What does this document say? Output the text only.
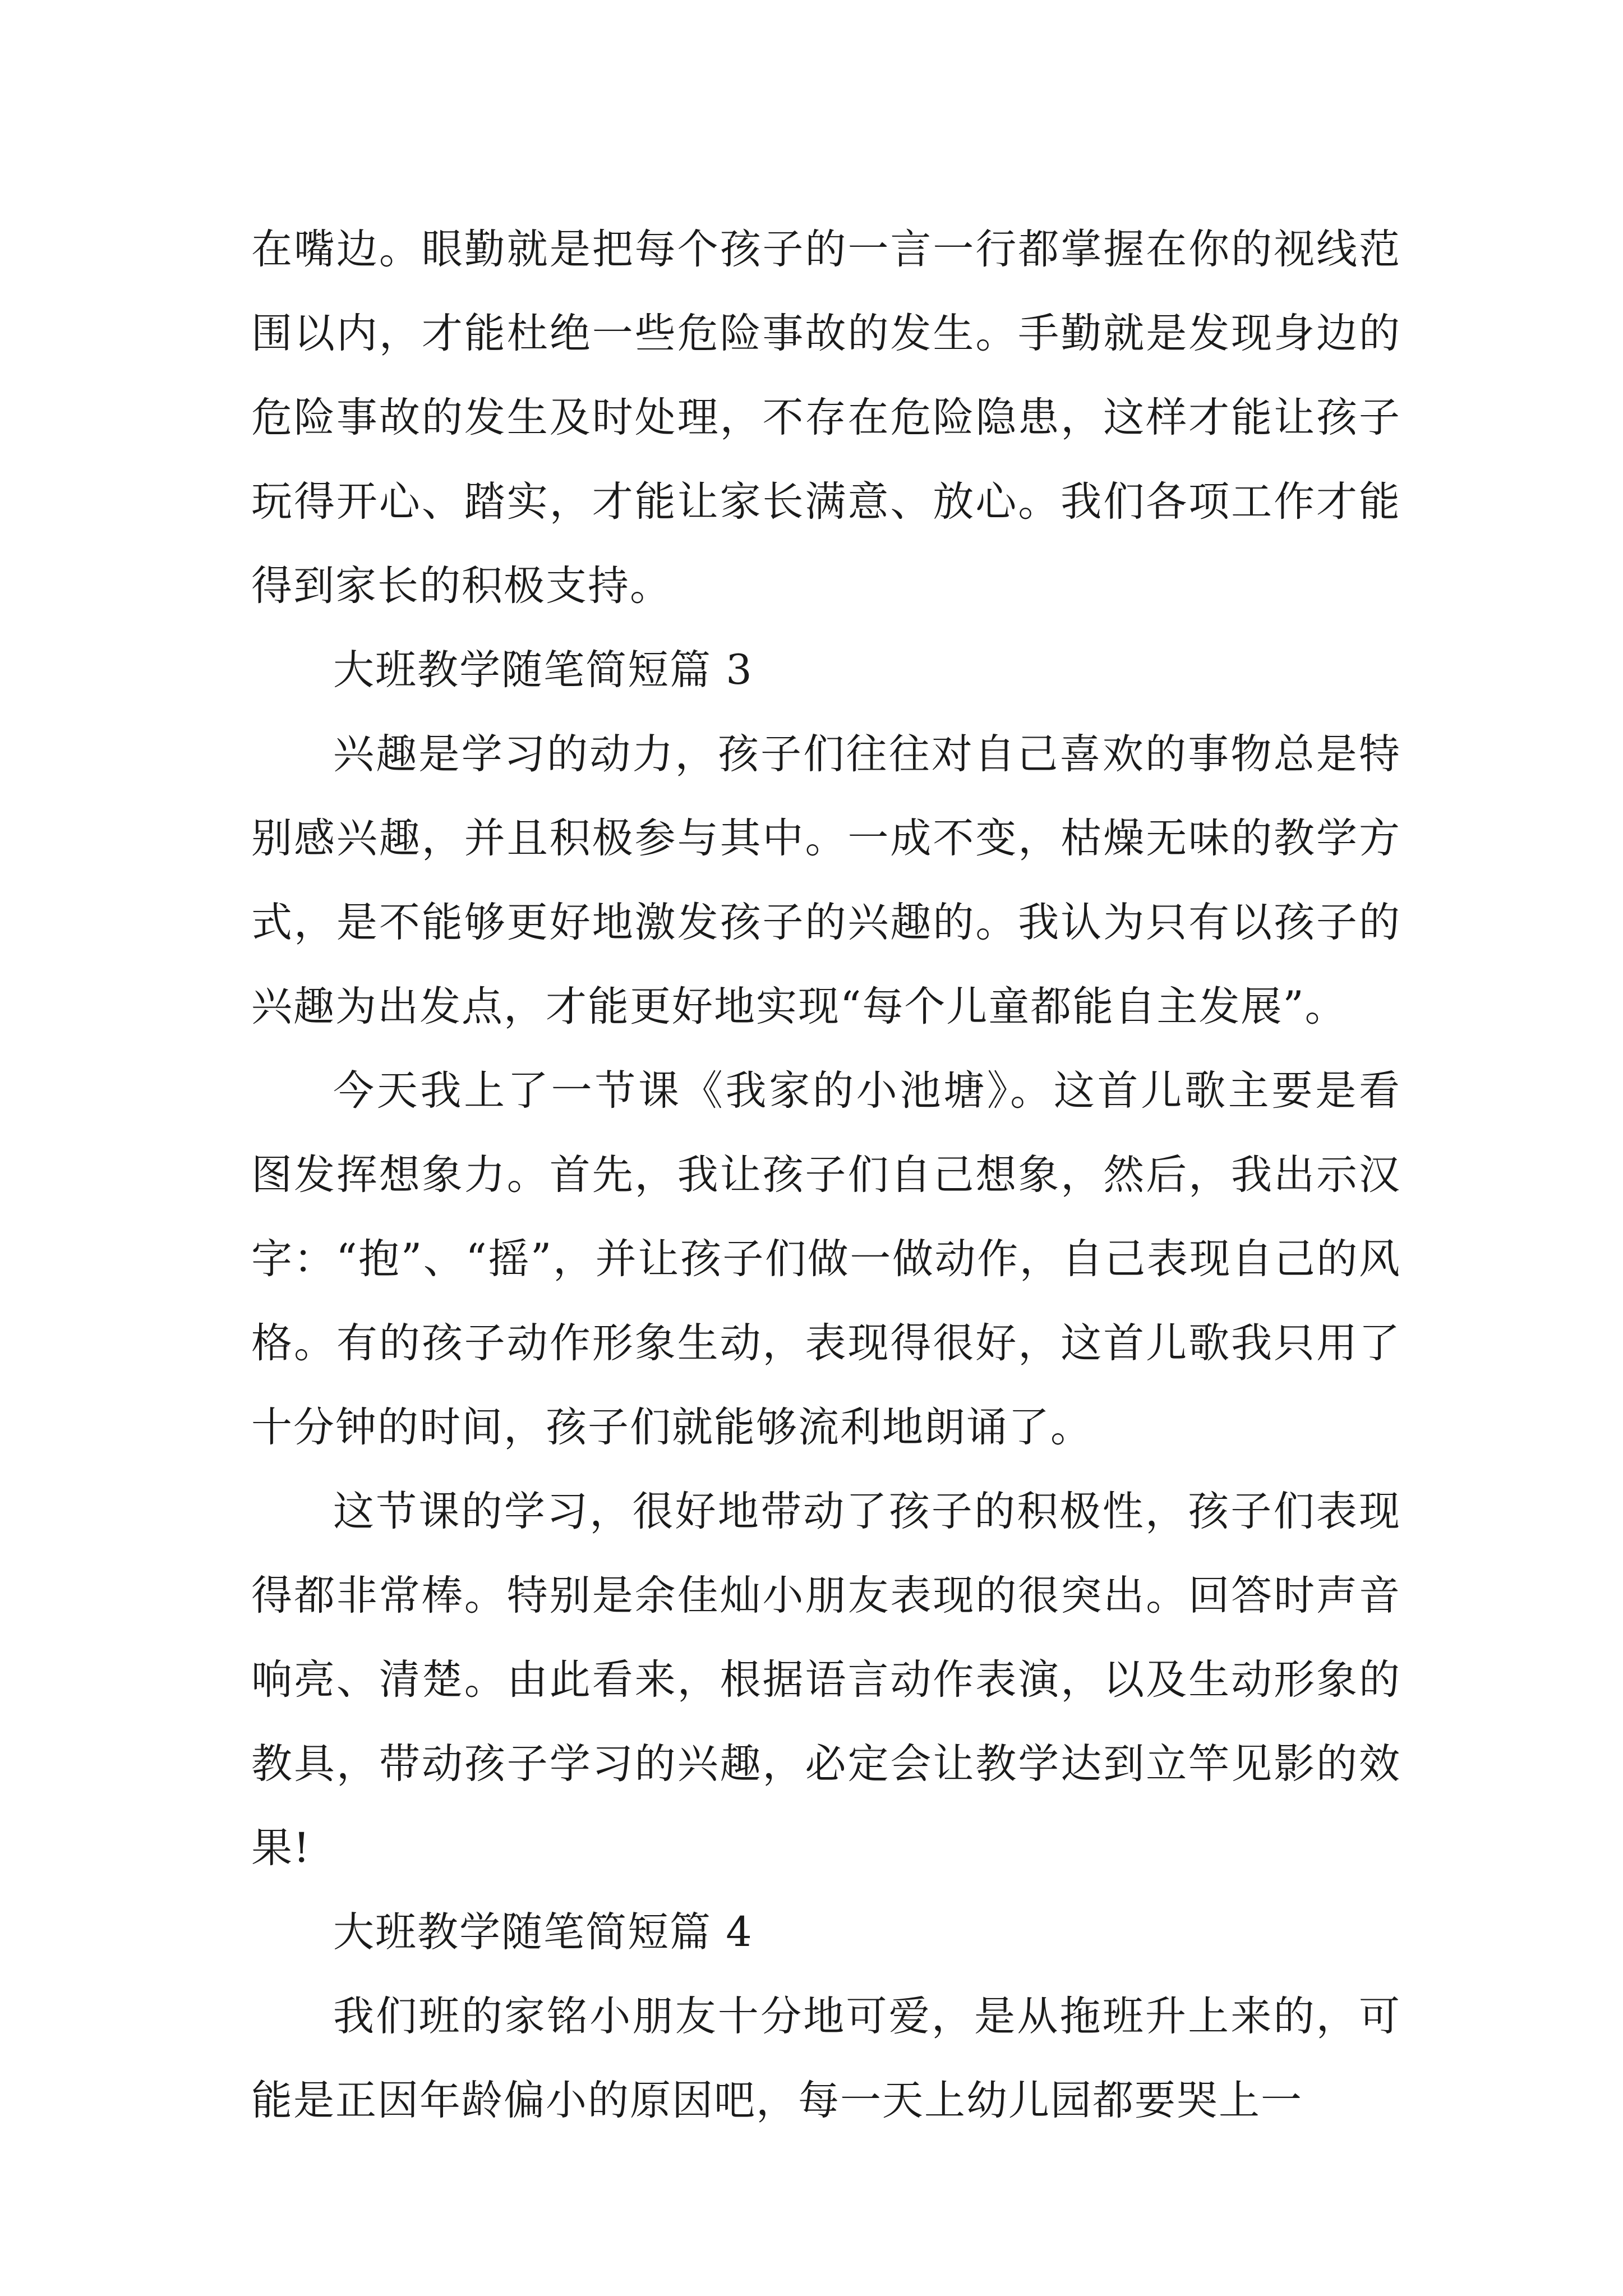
在嘴边。眼勤就是把每个孩子的一言一行都掌握在你的视线范围以内，才能杜绝一些危险事故的发生。手勤就是发现身边的危险事故的发生及时处理，不存在危险隐患，这样才能让孩子玩得开心、踏实，才能让家长满意、放心。我们各项工作才能得到家长的积极支持。

大班教学随笔简短篇 3

兴趣是学习的动力，孩子们往往对自己喜欢的事物总是特别感兴趣，并且积极参与其中。一成不变，枯燥无味的教学方式，是不能够更好地激发孩子的兴趣的。我认为只有以孩子的兴趣为出发点，才能更好地实现“每个儿童都能自主发展”。

今天我上了一节课《我家的小池塘》。这首儿歌主要是看图发挥想象力。首先，我让孩子们自己想象，然后，我出示汉字：“抱”、“摇”，并让孩子们做一做动作，自己表现自己的风格。有的孩子动作形象生动，表现得很好，这首儿歌我只用了十分钟的时间，孩子们就能够流利地朗诵了。

这节课的学习，很好地带动了孩子的积极性，孩子们表现得都非常棒。特别是余佳灿小朋友表现的很突出。回答时声音响亮、清楚。由此看来，根据语言动作表演，以及生动形象的教具，带动孩子学习的兴趣，必定会让教学达到立竿见影的效果!

大班教学随笔简短篇 4

我们班的家铭小朋友十分地可爱，是从拖班升上来的，可能是正因年龄偏小的原因吧，每一天上幼儿园都要哭上一
